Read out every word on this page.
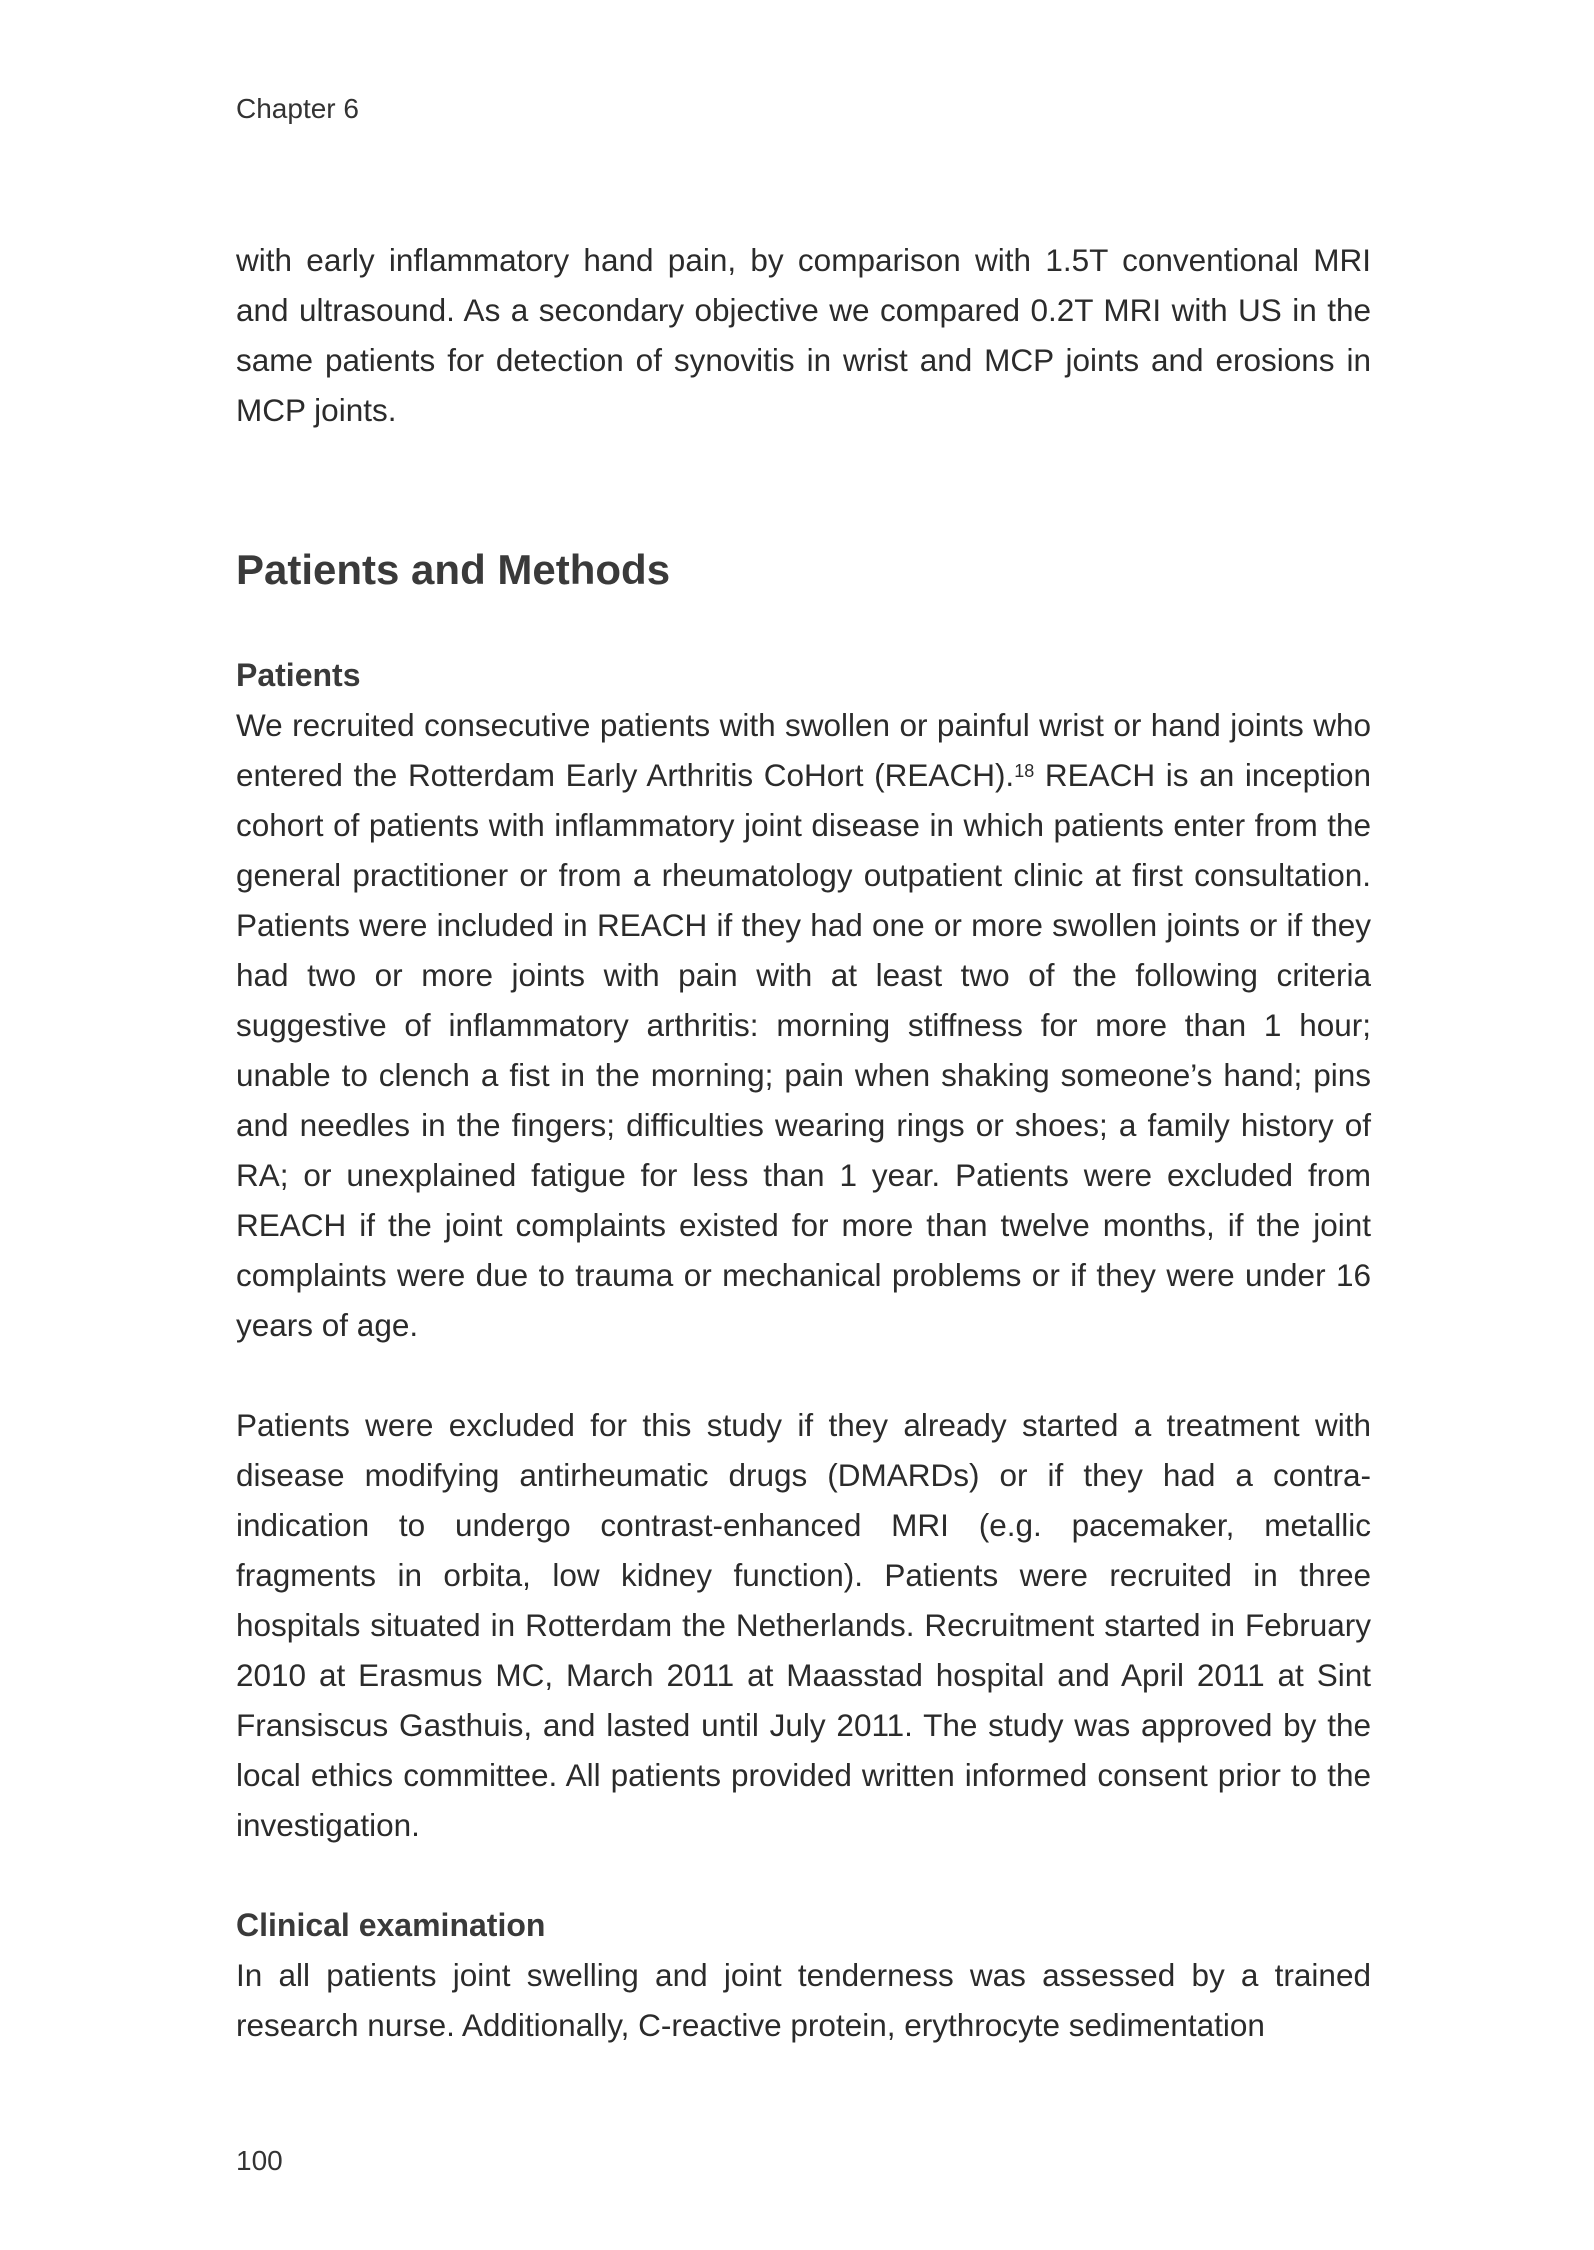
Chapter 6

with early inflammatory hand pain, by comparison with 1.5T conventional MRI and ultrasound. As a secondary objective we compared 0.2T MRI with US in the same patients for detection of synovitis in wrist and MCP joints and erosions in MCP joints.

Patients and Methods
Patients

We recruited consecutive patients with swollen or painful wrist or hand joints who entered the Rotterdam Early Arthritis CoHort (REACH).$^{18}$ REACH is an inception cohort of patients with inflammatory joint disease in which patients enter from the general practitioner or from a rheumatology outpatient clinic at first consultation. Patients were included in REACH if they had one or more swollen joints or if they had two or more joints with pain with at least two of the following criteria suggestive of inflammatory arthritis: morning stiffness for more than 1 hour; unable to clench a fist in the morning; pain when shaking someone’s hand; pins and needles in the fingers; difficulties wearing rings or shoes; a family history of RA; or unexplained fatigue for less than 1 year. Patients were excluded from REACH if the joint complaints existed for more than twelve months, if the joint complaints were due to trauma or mechanical problems or if they were under 16 years of age.

Patients were excluded for this study if they already started a treatment with disease modifying antirheumatic drugs (DMARDs) or if they had a contra-indication to undergo contrast-enhanced MRI (e.g. pacemaker, metallic fragments in orbita, low kidney function). Patients were recruited in three hospitals situated in Rotterdam the Netherlands. Recruitment started in February 2010 at Erasmus MC, March 2011 at Maasstad hospital and April 2011 at Sint Fransiscus Gasthuis, and lasted until July 2011. The study was approved by the local ethics committee. All patients provided written informed consent prior to the investigation.

Clinical examination

In all patients joint swelling and joint tenderness was assessed by a trained research nurse. Additionally, C-reactive protein, erythrocyte sedimentation

100
